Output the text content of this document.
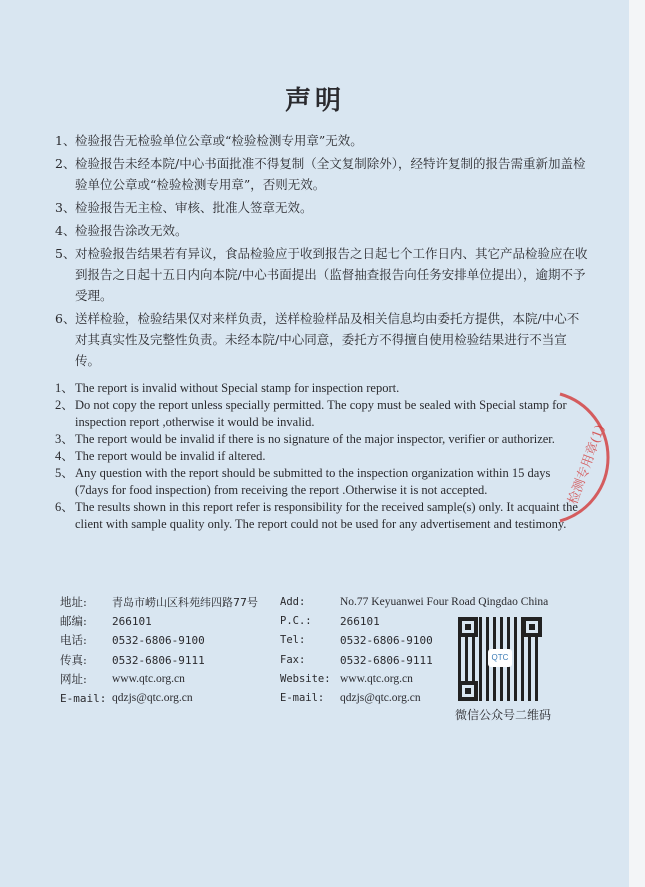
声明
1、 检验报告无检验单位公章或“检验检测专用章”无效。
2、 检验报告未经本院/中心书面批准不得复制（全文复制除外），经特许复制的报告需重新加盖检验单位公章或“检验检测专用章”，否则无效。
3、 检验报告无主检、审核、批准人签章无效。
4、 检验报告涂改无效。
5、 对检验报告结果若有异议，食品检验应于收到报告之日起七个工作日内、其它产品检验应在收到报告之日起十五日内向本院/中心书面提出（监督抽查报告向任务安排单位提出），逾期不予受理。
6、 送样检验，检验结果仅对来样负责，送样检验样品及相关信息均由委托方提供，本院/中心不对其真实性及完整性负责。未经本院/中心同意，委托方不得擅自使用检验结果进行不当宣传。
1、 The report is invalid without Special stamp for inspection report.
2、 Do not copy the report unless specially permitted. The copy must be sealed with Special stamp for inspection report ,otherwise it would be invalid.
3、 The report would be invalid if there is no signature of the major inspector, verifier or authorizer.
4、 The report would be invalid if altered.
5、 Any question with the report should be submitted to the inspection organization within 15 days (7days for food inspection) from receiving the report .Otherwise it is not accepted.
6、 The results shown in this report refer is responsibility for the received sample(s) only. It acquaint the client with sample quality only. The report could not be used for any advertisement and testimony.
检测专用章(1)
地址:	青岛市崂山区科苑纬四路77号	Add:	No.77 Keyuanwei Four Road Qingdao China
邮编:	266101	P.C.:	266101
电话:	0532-6806-9100	Tel:	0532-6806-9100
传真:	0532-6806-9111	Fax:	0532-6806-9111
网址:	www.qtc.org.cn	Website: www.qtc.org.cn
E-mail: qdzjs@qtc.org.cn	E-mail:	qdzjs@qtc.org.cn
QTC
微信公众号二维码
